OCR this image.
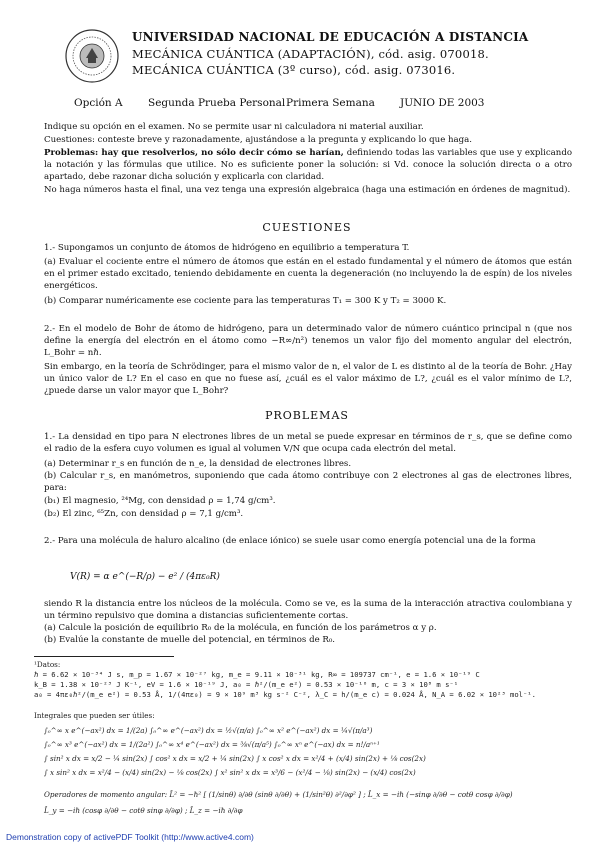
UNIVERSIDAD NACIONAL DE EDUCACIÓN A DISTANCIA
MECÁNICA CUÁNTICA (ADAPTACIÓN), cód. asig. 070018.
MECÁNICA CUÁNTICA (3º curso), cód. asig. 073016.
Opción A Segunda Prueba Personal Primera Semana JUNIO DE 2003
Indique su opción en el examen. No se permite usar ni calculadora ni material auxiliar.
Cuestiones: conteste breve y razonadamente, ajustándose a la pregunta y explicando lo que haga.
Problemas: hay que resolverlos, no sólo decir cómo se harían, definiendo todas las variables que use y explicando la notación y las fórmulas que utilice. No es suficiente poner la solución: si Vd. conoce la solución directa o a otro apartado, debe razonar dicha solución y explicarla con claridad.
No haga números hasta el final, una vez tenga una expresión algebraica (haga una estimación en órdenes de magnitud).
CUESTIONES
1.- Supongamos un conjunto de átomos de hidrógeno en equilibrio a temperatura T.
(a) Evaluar el cociente entre el número de átomos que están en el estado fundamental y el número de átomos que están en el primer estado excitado, teniendo debidamente en cuenta la degeneración (no incluyendo la de espín) de los niveles energéticos.
(b) Comparar numéricamente ese cociente para las temperaturas T₁ = 300 K y T₂ = 3000 K.
2.- En el modelo de Bohr de átomo de hidrógeno, para un determinado valor de número cuántico principal n (que nos define la energía del electrón en el átomo como −R∞/n²) tenemos un valor fijo del momento angular del electrón, L_Bohr = nℏ.
Sin embargo, en la teoría de Schrödinger, para el mismo valor de n, el valor de L es distinto al de la teoría de Bohr. ¿Hay un único valor de L? En el caso en que no fuese así, ¿cuál es el valor máximo de L?, ¿cuál es el valor mínimo de L?, ¿puede darse un valor mayor que L_Bohr?
PROBLEMAS
1.- La densidad en tipo para N electrones libres de un metal se puede expresar en términos de r_s, que se define como el radio de la esfera cuyo volumen es igual al volumen V/N que ocupa cada electrón del metal.
(a) Determinar r_s en función de n_e, la densidad de electrones libres.
(b) Calcular r_s, en manómetros, suponiendo que cada átomo contribuye con 2 electrones al gas de electrones libres, para:
(b₁) El magnesio, ²⁴Mg, con densidad ρ = 1,74 g/cm³.
(b₂) El zinc, ⁶⁵Zn, con densidad ρ = 7,1 g/cm³.
2.- Para una molécula de haluro alcalino (de enlace iónico) se suele usar como energía potencial una de la forma
V(R) = α e^(−R/ρ) − e² / (4πε₀R)
siendo R la distancia entre los núcleos de la molécula. Como se ve, es la suma de la interacción atractiva coulombiana y un término repulsivo que domina a distancias suficientemente cortas.
(a) Calcule la posición de equilibrio R₀ de la molécula, en función de los parámetros α y ρ.
(b) Evalúe la constante de muelle del potencial, en términos de R₀.
¹Datos:
ℏ = 6.62 × 10⁻³⁴ J s, m_p = 1.67 × 10⁻²⁷ kg, m_e = 9.11 × 10⁻³¹ kg, R∞ = 109737 cm⁻¹, e = 1.6 × 10⁻¹⁹ C
k_B = 1.38 × 10⁻²³ J K⁻¹, eV = 1.6 × 10⁻¹⁹ J, a₀ = ℏ²/(m_e e²) = 0.53 × 10⁻¹⁰ m, c = 3 × 10⁸ m s⁻¹
a₀ = 4πε₀ℏ²/(m_e e²) = 0.53 Å, 1/(4πε₀) = 9 × 10⁹ m³ kg s⁻² C⁻², λ_C = h/(m_e c) = 0.024 Å, N_A = 6.02 × 10²³ mol⁻¹.
Integrales que pueden ser útiles:
∫₀^∞ x e^(−ax²) dx = 1/(2a) ∫₀^∞ e^(−ax²) dx = ½√(π/a) ∫₀^∞ x² e^(−ax²) dx = ¼√(π/a³)
∫₀^∞ x³ e^(−ax²) dx = 1/(2a²) ∫₀^∞ x⁴ e^(−ax²) dx = ⅜√(π/a⁵) ∫₀^∞ xⁿ e^(−ax) dx = n!/aⁿ⁺¹
∫ sin² x dx = x/2 − ¼ sin(2x) ∫ cos² x dx = x/2 + ¼ sin(2x) ∫ x cos² x dx = x²/4 + (x/4) sin(2x) + ⅛ cos(2x)
∫ x sin² x dx = x²/4 − (x/4) sin(2x) − ⅛ cos(2x) ∫ x² sin² x dx = x³/6 − (x²/4 − ⅛) sin(2x) − (x/4) cos(2x)
Operadores de momento angular: L̂² = −ℏ² [ (1/sinθ) ∂/∂θ (sinθ ∂/∂θ) + (1/sin²θ) ∂²/∂φ² ] ; L̂_x = −iℏ (−sinφ ∂/∂θ − cotθ cosφ ∂/∂φ)
L̂_y = −iℏ (cosφ ∂/∂θ − cotθ sinφ ∂/∂φ) ; L̂_z = −iℏ ∂/∂φ
Demonstration copy of activePDF Toolkit (http://www.active4.com)
